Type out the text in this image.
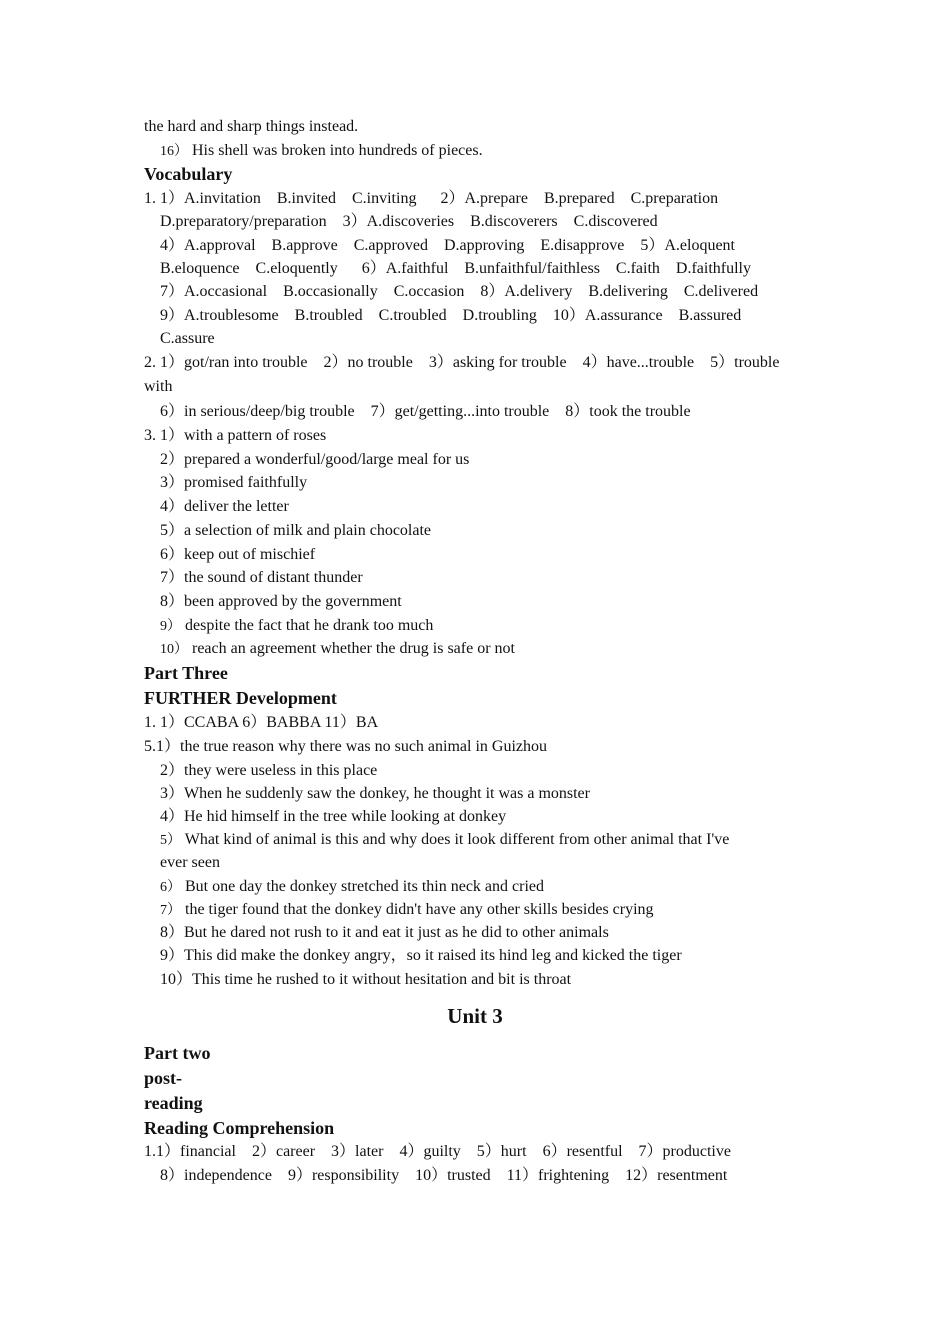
the hard and sharp things instead.
16） His shell was broken into hundreds of pieces.
Vocabulary
1. 1）A.invitation    B.invited    C.inviting      2）A.prepare    B.prepared    C.preparation
D.preparatory/preparation    3）A.discoveries    B.discoverers    C.discovered
4）A.approval    B.approve    C.approved    D.approving    E.disapprove    5）A.eloquent
B.eloquence    C.eloquently      6）A.faithful    B.unfaithful/faithless    C.faith    D.faithfully
7）A.occasional    B.occasionally    C.occasion    8）A.delivery    B.delivering    C.delivered
9）A.troublesome    B.troubled    C.troubled    D.troubling    10）A.assurance    B.assured
C.assure
2. 1）got/ran into trouble    2）no trouble    3）asking for trouble    4）have...trouble    5）trouble
with
6）in serious/deep/big trouble    7）get/getting...into trouble    8）took the trouble
3. 1）with a pattern of roses
2）prepared a wonderful/good/large meal for us
3）promised faithfully
4）deliver the letter
5）a selection of milk and plain chocolate
6）keep out of mischief
7）the sound of distant thunder
8）been approved by the government
9） despite the fact that he drank too much
10） reach an agreement whether the drug is safe or not
Part Three
FURTHER Development
1. 1）CCABA 6）BABBA 11）BA
5.1）the true reason why there was no such animal in Guizhou
2）they were useless in this place
3）When he suddenly saw the donkey, he thought it was a monster
4）He hid himself in the tree while looking at donkey
5） What kind of animal is this and why does it look different from other animal that I've
ever seen
6） But one day the donkey stretched its thin neck and cried
7） the tiger found that the donkey didn't have any other skills besides crying
8）But he dared not rush to it and eat it just as he did to other animals
9）This did make the donkey angry，so it raised its hind leg and kicked the tiger
10）This time he rushed to it without hesitation and bit is throat
Unit 3
Part two
post-
reading
Reading Comprehension
1.1）financial    2）career    3）later    4）guilty    5）hurt    6）resentful    7）productive
8）independence    9）responsibility    10）trusted    11）frightening    12）resentment
